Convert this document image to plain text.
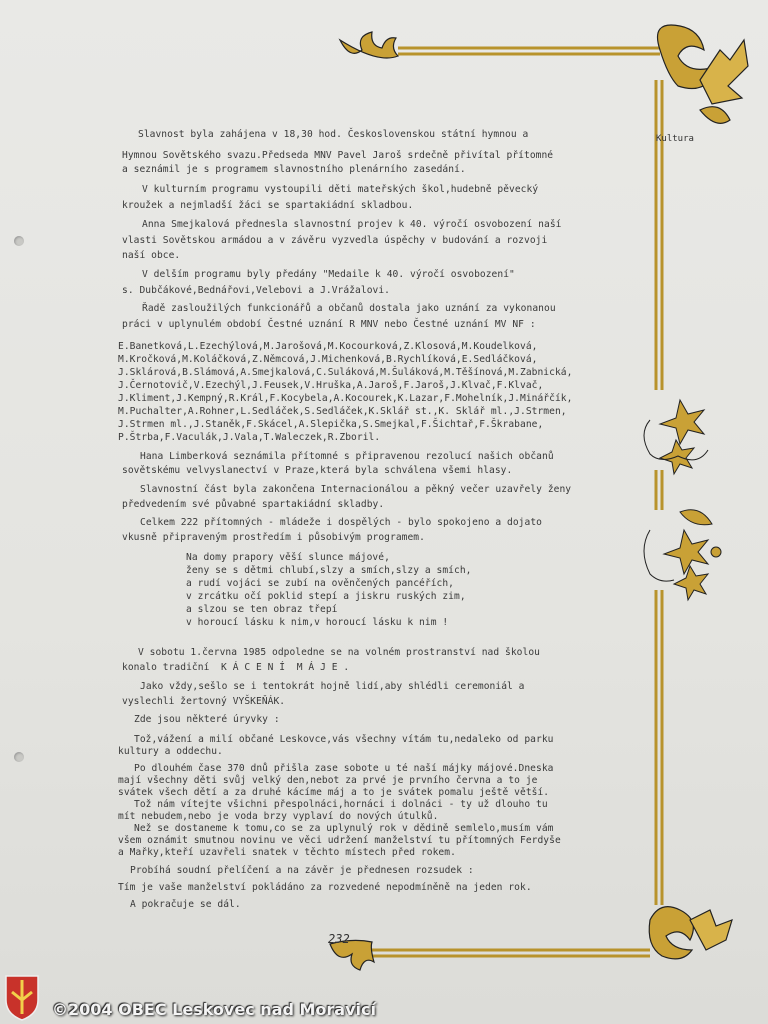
Kultura
Slavnost byla zahájena v 18,30 hod. Československou státní hymnou a
Hymnou Sovětského svazu.Předseda MNV Pavel Jaroš srdečně přivítal přítomné
a seznámil je s programem slavnostního plenárního zasedání.
V kulturním programu vystoupili děti mateřských škol,hudebně pěvecký
kroužek a nejmladší žáci se spartakiádní skladbou.
Anna Smejkalová přednesla slavnostní projev k 40. výročí osvobození naší
vlasti Sovětskou armádou a v závěru vyzvedla úspěchy v budování a rozvoji
naší obce.
V delším programu byly předány "Medaile k 40. výročí osvobození"
s. Dubčákové,Bednářovi,Velebovi a J.Vrážalovi.
Řadě zasloužilých funkcionářů a občanů dostala jako uznání za vykonanou
práci v uplynulém období Čestné uznání R MNV nebo Čestné uznání MV NF :
E.Banetková,L.Ezechýlová,M.Jarošová,M.Kocourková,Z.Klosová,M.Koudelková,
M.Kročková,M.Koláčková,Z.Němcová,J.Michenková,B.Rychlíková,E.Sedláčková,
J.Sklárová,B.Slámová,A.Smejkalová,C.Suláková,M.Šuláková,M.Těšínová,M.Zabnická,
J.Černotovič,V.Ezechýl,J.Feusek,V.Hruška,A.Jaroš,F.Jaroš,J.Klvač,F.Klvač,
J.Kliment,J.Kempný,R.Král,F.Kocybela,A.Kocourek,K.Lazar,F.Mohelník,J.Minářčík,
M.Puchalter,A.Rohner,L.Sedláček,S.Sedláček,K.Sklář st.,K. Sklář ml.,J.Strmen,
J.Strmen ml.,J.Staněk,F.Skácel,A.Slepička,S.Smejkal,F.Šichtař,F.Škrabane,
P.Štrba,F.Vaculák,J.Vala,T.Waleczek,R.Zboril.
Hana Limberková seznámila přítomné s připravenou rezolucí našich občanů
sovětskému velvyslanectví v Praze,která byla schválena všemi hlasy.
Slavnostní část byla zakončena Internacionálou a pěkný večer uzavřely ženy
předvedením své půvabné spartakiádní skladby.
Celkem 222 přítomných - mládeže i dospělých - bylo spokojeno a dojato
vkusně připraveným prostředím i působivým programem.
Na domy prapory věší slunce májové,
ženy se s dětmi chlubí,slzy a smích,slzy a smích,
a rudí vojáci se zubí na ověnčených pancéřích,
v zrcátku očí poklid stepí a jiskru ruských zim,
a slzou se ten obraz třepí
v horoucí lásku k nim,v horoucí lásku k nim !
V sobotu 1.června 1985 odpoledne se na volném prostranství nad školou
konalo tradiční  K Á C E N Í  M Á J E .
Jako vždy,sešlo se i tentokrát hojně lidí,aby shlédli ceremoniál a
vyslechli žertovný VYŠKEŇÁK.
Zde jsou některé úryvky :
Tož,vážení a milí občané Leskovce,vás všechny vítám tu,nedaleko od parku
kultury a oddechu.
Po dlouhém čase 370 dnů přišla zase sobote u té naší májky májové.Dneska
mají všechny děti svůj velký den,nebot za prvé je prvního června a to je
svátek všech dětí a za druhé kácíme máj a to je svátek pomalu ještě větší.
Tož nám vítejte všichni přespolnáci,hornáci i dolnáci - ty už dlouho tu
mít nebudem,nebo je voda brzy vyplaví do nových útulků.
Než se dostaneme k tomu,co se za uplynulý rok v dědině semlelo,musím vám
všem oznámit smutnou novinu ve věci udržení manželství tu přítomných Ferdyše
a Mařky,kteří uzavřeli snatek v těchto místech před rokem.
Probíhá soudní přelíčení a na závěr je přednesen rozsudek :
Tím je vaše manželství pokládáno za rozvedené nepodmíněně na jeden rok.
A pokračuje se dál.
232
©2004 OBEC Leskovec nad Moravicí
